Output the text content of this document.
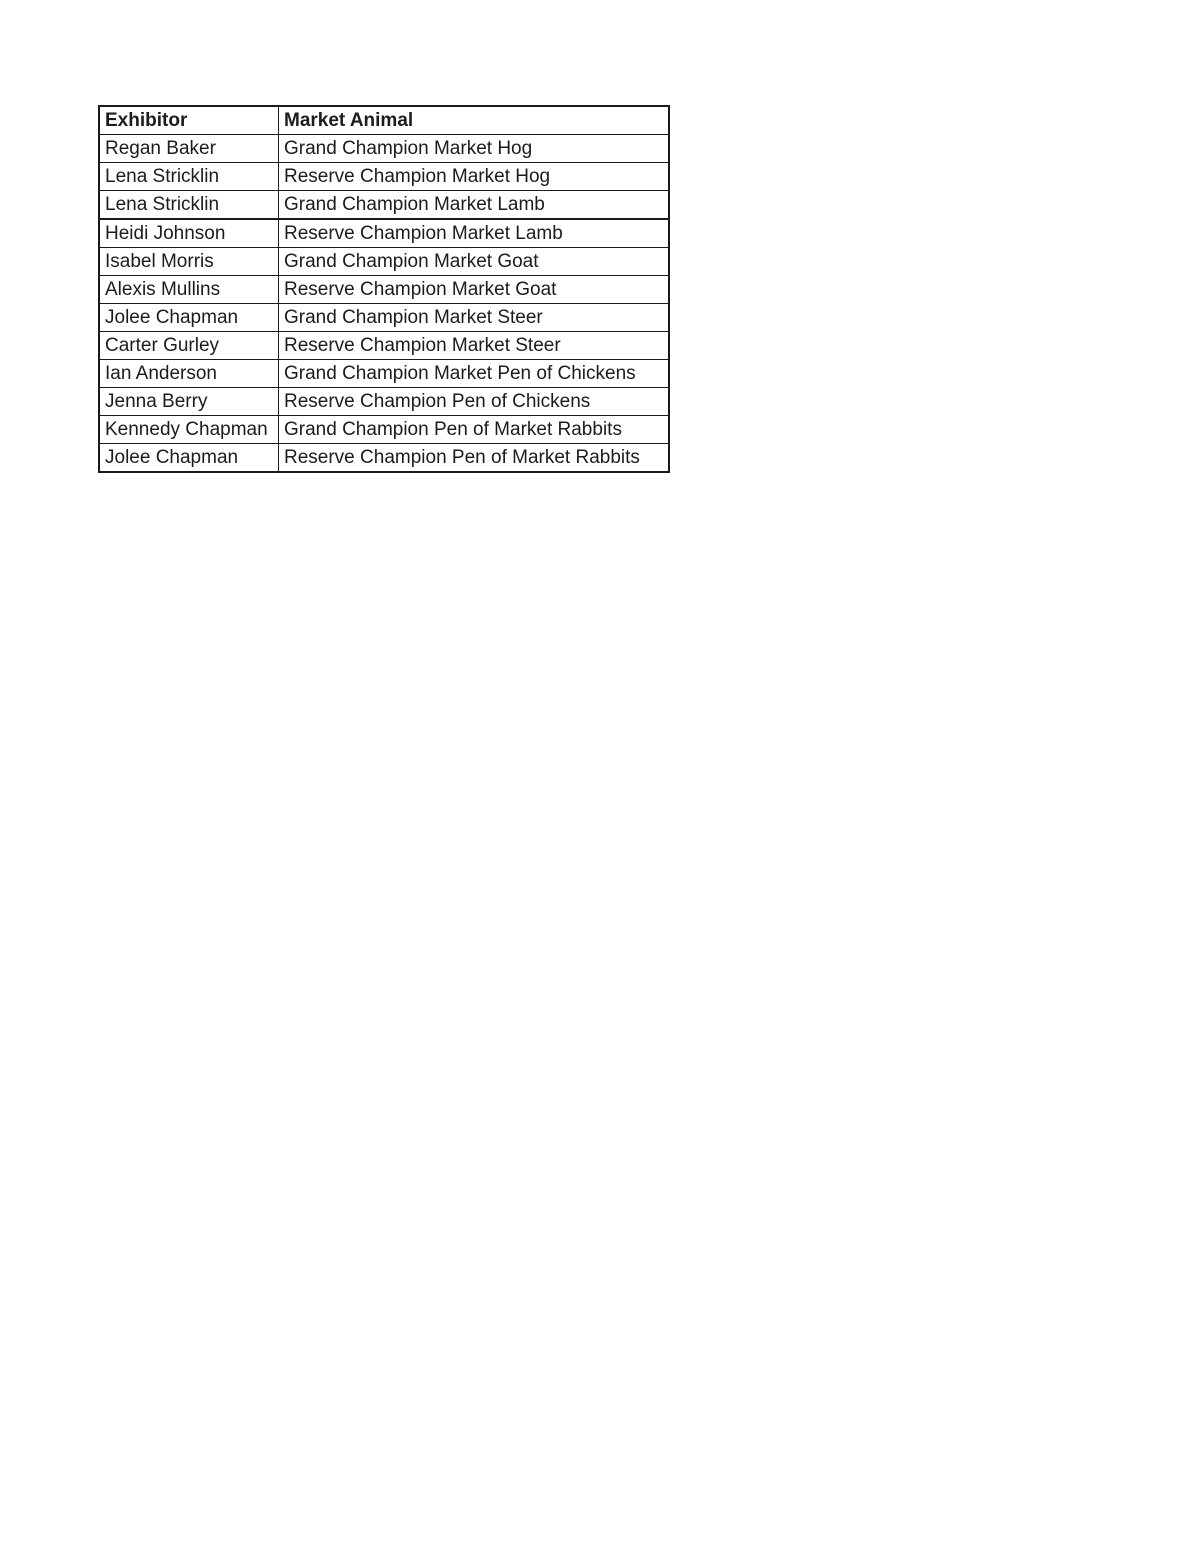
Exhibitor	Market Animal
Regan Baker	Grand Champion Market Hog
Lena Stricklin	Reserve Champion Market Hog
Lena Stricklin	Grand Champion Market Lamb
Heidi Johnson	Reserve Champion Market Lamb
Isabel Morris	Grand Champion Market Goat
Alexis Mullins	Reserve Champion Market Goat
Jolee Chapman	Grand Champion Market Steer
Carter Gurley	Reserve Champion Market Steer
Ian Anderson	Grand Champion Market Pen of Chickens
Jenna Berry	Reserve Champion Pen of Chickens
Kennedy Chapman	Grand Champion Pen of Market Rabbits
Jolee Chapman	Reserve Champion Pen of Market Rabbits
